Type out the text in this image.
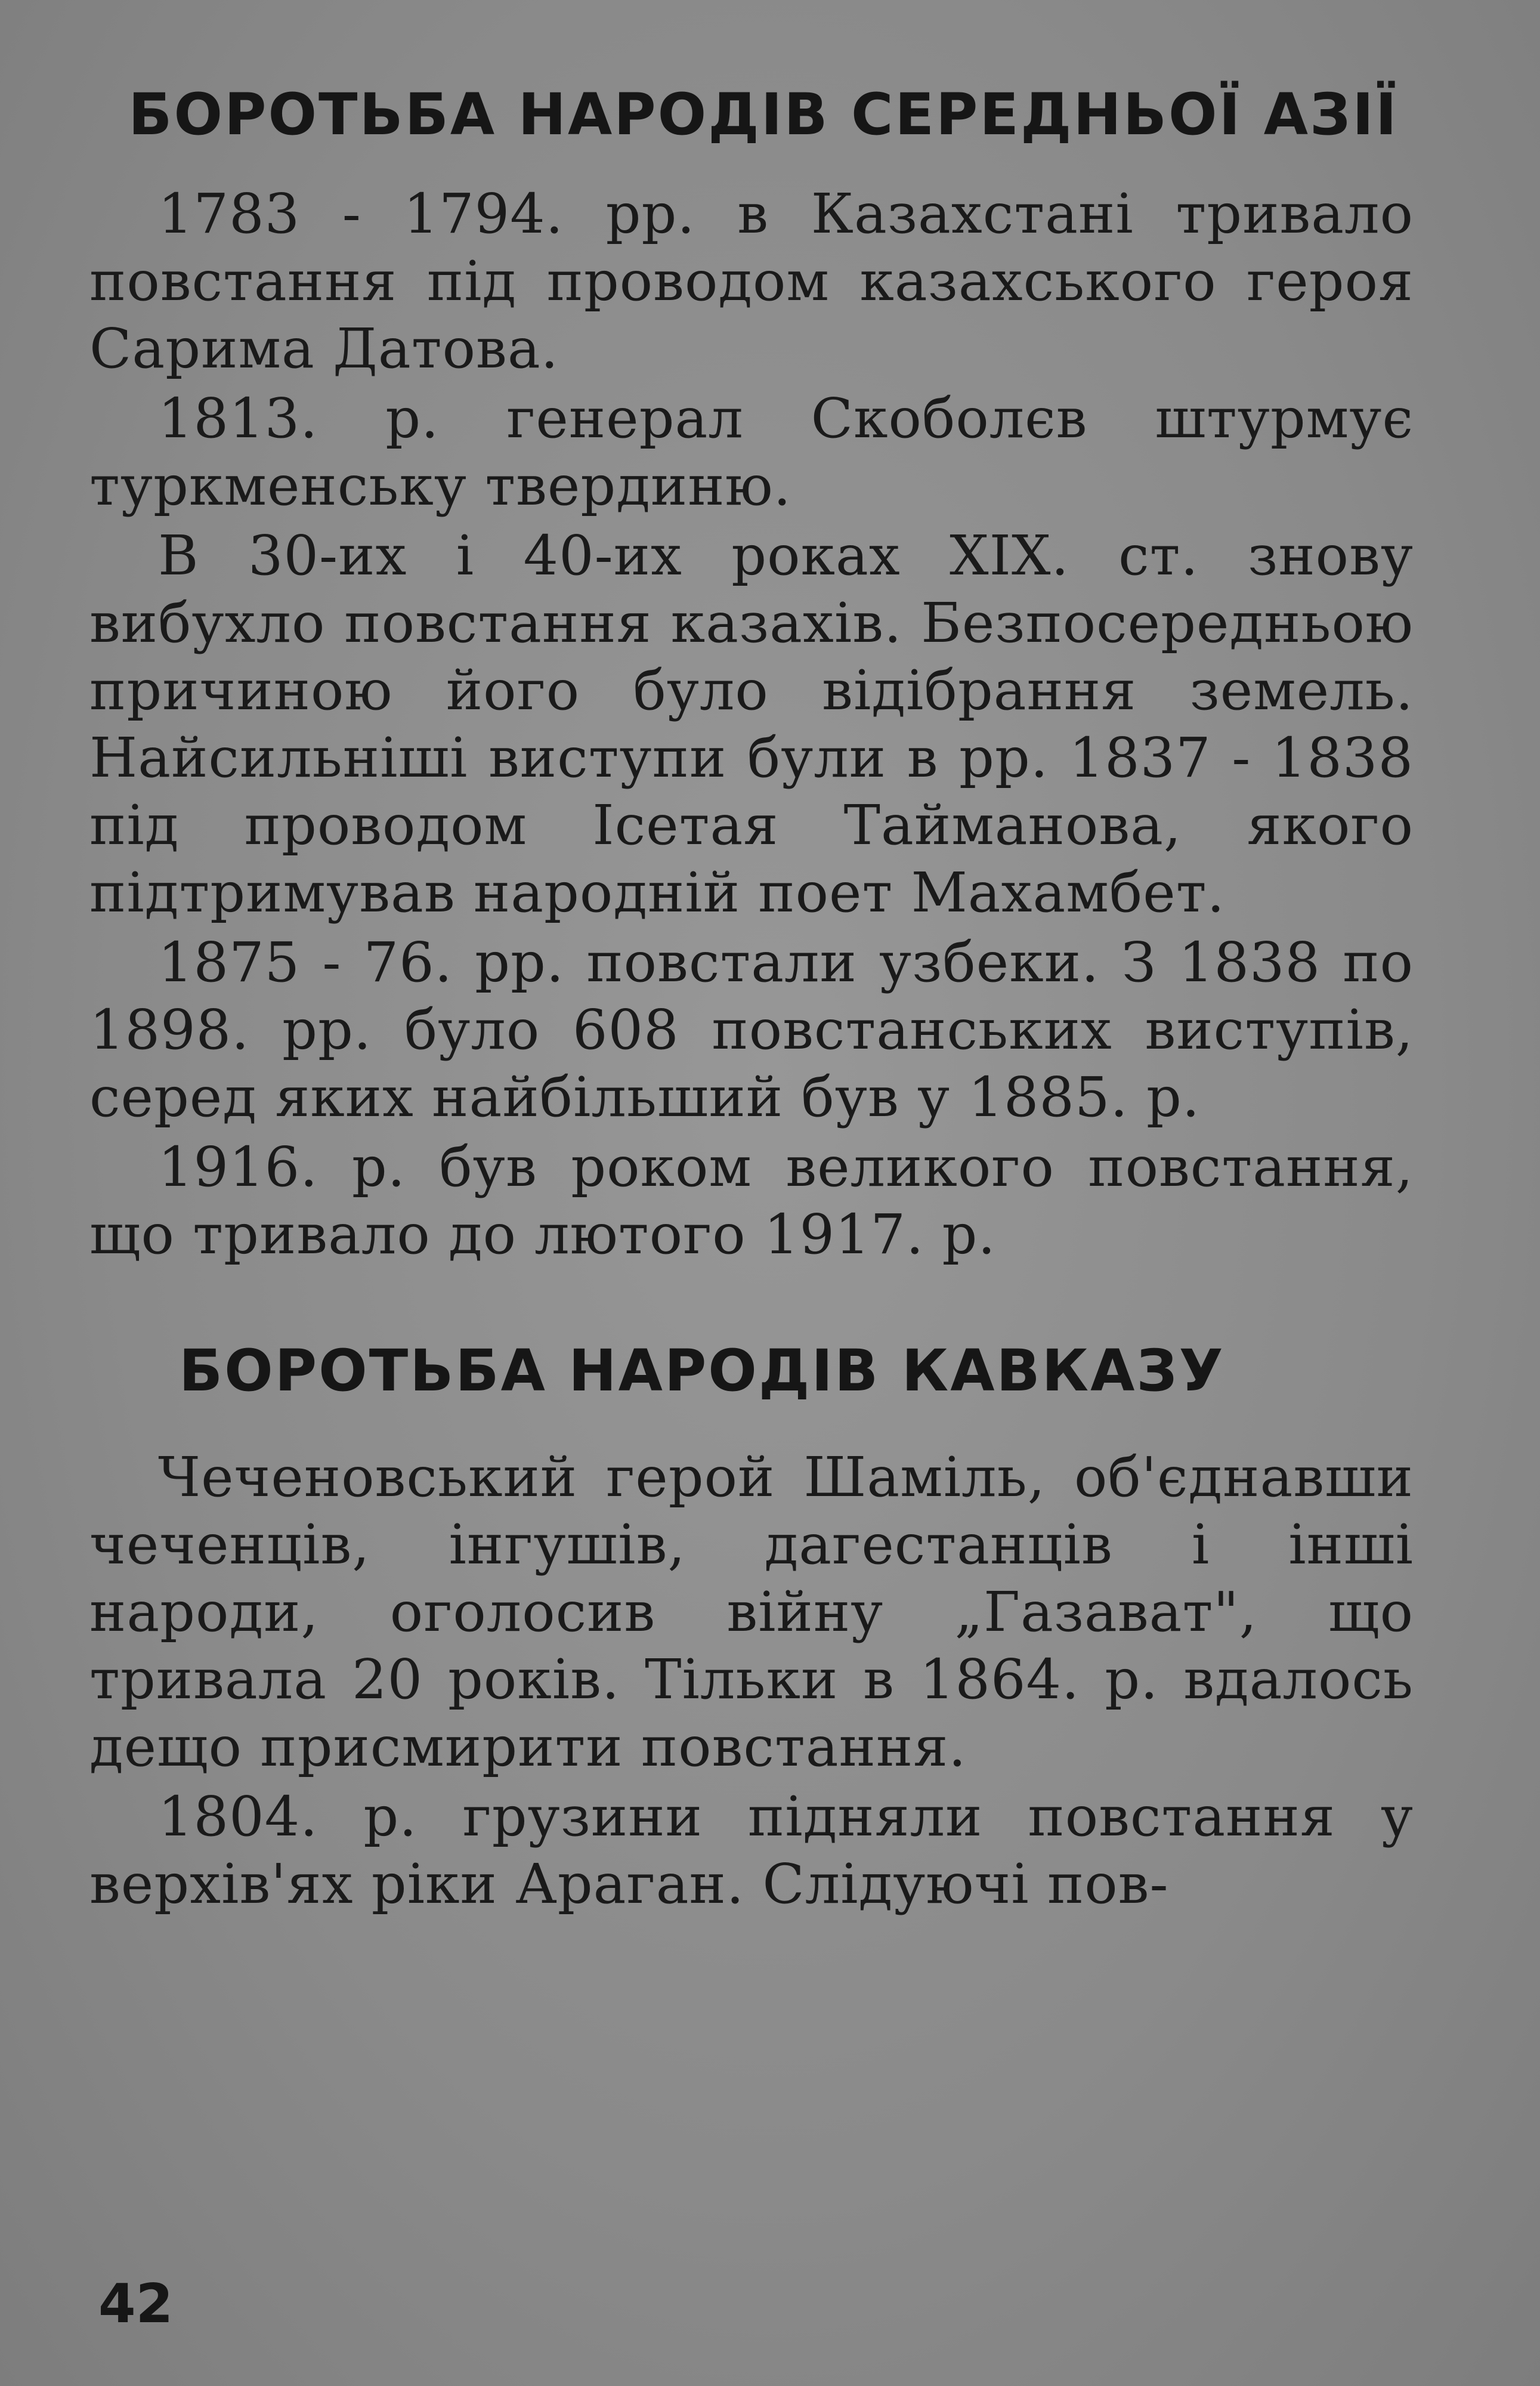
БОРОТЬБА НАРОДІВ СЕРЕДНЬОЇ АЗІЇ

1783 - 1794. рр. в Казахстані тривало повстання під проводом казахського героя Сарима Датова.

1813. р. генерал Скоболєв штурмує туркменську твердиню.

В 30-их і 40-их роках XIX. ст. знову вибухло повстання казахів. Безпосередньою причиною його було відібрання земель. Найсильніші виступи були в рр. 1837 - 1838 під проводом Ісетая Тайманова, якого підтримував народній поет Махамбет.

1875 - 76. рр. повстали узбеки. З 1838 по 1898. рр. було 608 повстанських виступів, серед яких найбільший був у 1885. р.

1916. р. був роком великого повстання, що тривало до лютого 1917. р.

БОРОТЬБА НАРОДІВ КАВКАЗУ

Чеченовський герой Шаміль, об'єднавши чеченців, інгушів, дагестанців і інші народи, оголосив війну „Газават", що тривала 20 років. Тільки в 1864. р. вдалось дещо присмирити повстання.

1804. р. грузини підняли повстання у верхів'ях ріки Араган. Слідуючі пов-

42
